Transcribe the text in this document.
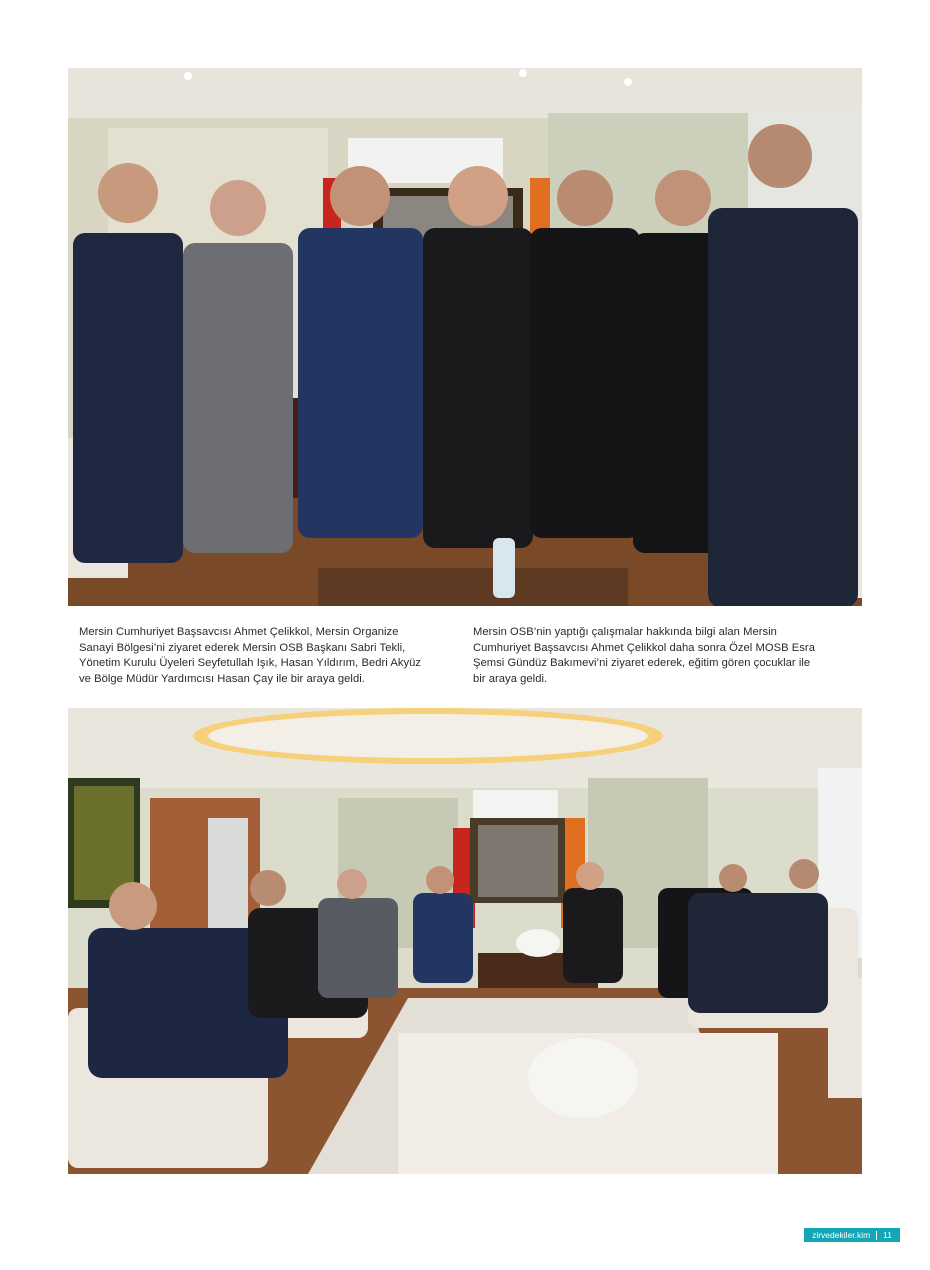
Mersin Cumhuriyet Başsavcısı Ahmet Çelikkol, Mersin Organize
Sanayi Bölgesi’ni ziyaret ederek Mersin OSB Başkanı Sabri Tekli,
Yönetim Kurulu Üyeleri Seyfetullah Işık, Hasan Yıldırım, Bedri Akyüz
ve Bölge Müdür Yardımcısı Hasan Çay ile bir araya geldi.
Mersin OSB’nin yaptığı çalışmalar hakkında bilgi alan Mersin
Cumhuriyet Başsavcısı Ahmet Çelikkol daha sonra Özel MOSB Esra
Şemsi Gündüz Bakımevi’ni ziyaret ederek, eğitim gören çocuklar ile
bir araya geldi.
zirvedekiler.kim 11
